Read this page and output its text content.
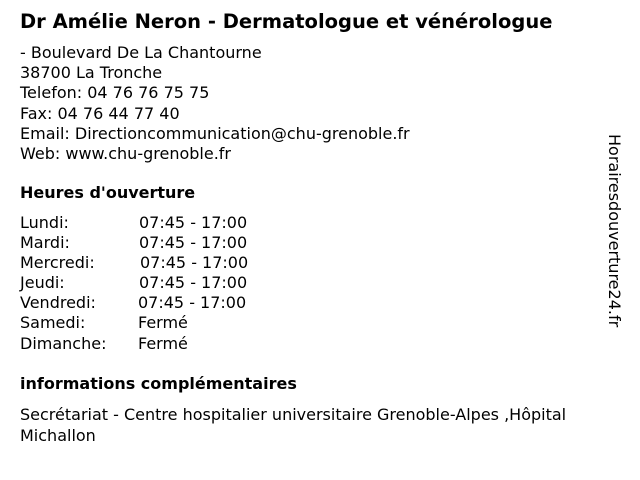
Dr Amélie Neron - Dermatologue et vénérologue
- Boulevard De La Chantourne
38700 La Tronche
Telefon: 04 76 76 75 75
Fax: 04 76 44 77 40
Email: Directioncommunication@chu-grenoble.fr
Web: www.chu-grenoble.fr
Heures d'ouverture
Lundi:	07:45 - 17:00
Mardi:	07:45 - 17:00
Mercredi:	07:45 - 17:00
Jeudi:	07:45 - 17:00
Vendredi:	07:45 - 17:00
Samedi:	Fermé
Dimanche: Fermé
informations complémentaires
Secrétariat - Centre hospitalier universitaire Grenoble-Alpes ,Hôpital Michallon
Horairesdouverture24.fr
